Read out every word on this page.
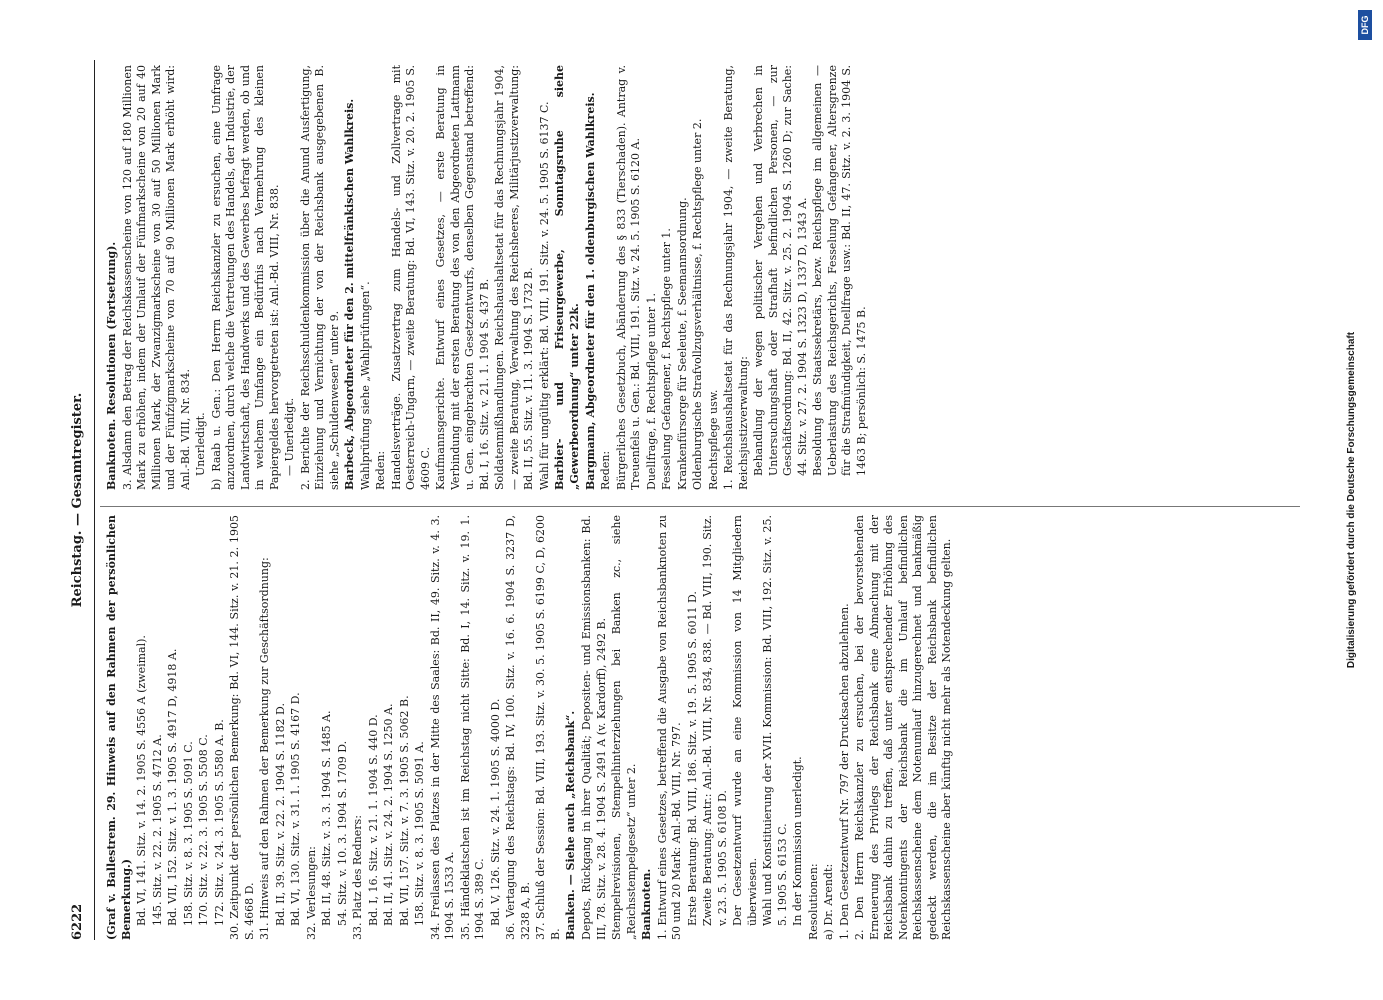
6222
Reichstag. — Gesamtregister.

(Graf v. Ballestrem. 29. Hinweis auf den Rahmen der persönlichen Bemerkung.) Bd. VI, 141. Sitz. v. 14. 2. 1905 S. 4556 A (zweimal). 145. Sitz. v. 22. 2. 1905 S. 4712 A. Bd. VII, 152. Sitz. v. 1. 3. 1905 S. 4917 D, 4918 A. 158. Sitz. v. 8. 3. 1905 S. 5091 C. 170. Sitz. v. 22. 3. 1905 S. 5508 C. 172. Sitz. v. 24. 3. 1905 S. 5580 A. B. 30. Zeitpunkt der persönlichen Bemerkung: Bd. VI, 144. Sitz. v. 21. 2. 1905 S. 4668 D. 31. Hinweis auf den Rahmen der Bemerkung zur Geschäftsordnung: Bd. II, 39. Sitz. v. 22. 2. 1904 S. 1182 D. Bd. VI, 130. Sitz. v. 31. 1. 1905 S. 4167 D. 32. Verlesungen: Bd. II, 48. Sitz. v. 3. 3. 1904 S. 1485 A. 54. Sitz. v. 10. 3. 1904 S. 1709 D. 33. Platz des Redners: Bd. I, 16. Sitz. v. 21. 1. 1904 S. 440 D. Bd. II, 41. Sitz. v. 24. 2. 1904 S. 1250 A. Bd. VII, 157. Sitz. v. 7. 3. 1905 S. 5062 B. 158. Sitz. v. 8. 3. 1905 S. 5091 A. 34. Freilassen des Platzes in der Mitte des Saales: Bd. II, 49. Sitz. v. 4. 3. 1904 S. 1533 A. 35. Händeklatschen ist im Reichstag nicht Sitte: Bd. I, 14. Sitz. v. 19. 1. 1904 S. 389 C. Bd. V, 126. Sitz. v. 24. 1. 1905 S. 4000 D. 36. Vertagung des Reichstags: Bd. IV, 100. Sitz. v. 16. 6. 1904 S. 3237 D, 3238 A, B. 37. Schluß der Session: Bd. VIII, 193. Sitz. v. 30. 5. 1905 S. 6199 C, D, 6200 B. Banken. — Siehe auch „Reichsbank“. Depots, Rückgang in ihrer Qualität; Depositen- und Emissionsbanken: Bd. III, 78. Sitz. v. 28. 4. 1904 S. 2491 A (v. Kardorff), 2492 B. Stempelrevisionen, Stempelhinterziehungen bei Banken zc., siehe „Reichsstempelgesetz“ unter 2. Banknoten. 1. Entwurf eines Gesetzes, betreffend die Ausgabe von Reichsbanknoten zu 50 und 20 Mark: Anl.-Bd. VIII, Nr. 797. Erste Beratung: Bd. VIII, 186. Sitz. v. 19. 5. 1905 S. 6011 D. Zweite Beratung: Antr.: Anl.-Bd. VIII, Nr. 834, 838. — Bd. VIII, 190. Sitz. v. 23. 5. 1905 S. 6108 D. Der Gesetzentwurf wurde an eine Kommission von 14 Mitgliedern überwiesen. Wahl und Konstituierung der XVII. Kommission: Bd. VIII, 192. Sitz. v. 25. 5. 1905 S. 6153 C. In der Kommission unerledigt. Resolutionen: a) Dr. Arendt: 1. Den Gesetzentwurf Nr. 797 der Drucksachen abzulehnen. 2. Den Herrn Reichskanzler zu ersuchen, bei der bevorstehenden Erneuerung des Privilegs der Reichsbank eine Abmachung mit der Reichsbank dahin zu treffen, daß unter entsprechender Erhöhung des Notenkontingents der Reichsbank die im Umlauf befindlichen Reichskassenscheine dem Notenumlauf hinzugerechnet und bankmäßig gedeckt werden, die im Besitze der Reichsbank befindlichen Reichskassenscheine aber künftig nicht mehr als Notendeckung gelten.

Banknoten. Resolutionen (Fortsetzung). 3. Alsdann den Betrag der Reichskassenscheine von 120 auf 180 Millionen Mark zu erhöhen, indem der Umlauf der Fünfmarkscheine von 20 auf 40 Millionen Mark, der Zwanzigmarkscheine von 30 auf 50 Millionen Mark und der Fünfzigmarkscheine von 70 auf 90 Millionen Mark erhöht wird: Anl.-Bd. VIII, Nr. 834. Unerledigt. b) Raab u. Gen.: Den Herrn Reichskanzler zu ersuchen, eine Umfrage anzuordnen, durch welche die Vertretungen des Handels, der Industrie, der Landwirtschaft, des Handwerks und des Gewerbes befragt werden, ob und in welchem Umfange ein Bedürfnis nach Vermehrung des kleinen Papiergeldes hervorgetreten ist: Anl.-Bd. VIII, Nr. 838. — Unerledigt. 2. Berichte der Reichsschuldenkommission über die Anund Ausfertigung, Einziehung und Vernichtung der von der Reichsbank ausgegebenen B. siehe „Schuldenwesen“ unter 9. Barbeck, Abgeordneter für den 2. mittelfränkischen Wahlkreis. Wahlprüfung siehe „Wahlprüfungen“. Reden: Handelsverträge. Zusatzvertrag zum Handels- und Zollvertrage mit Oesterreich-Ungarn, — zweite Beratung: Bd. VI, 143. Sitz. v. 20. 2. 1905 S. 4609 C. Kaufmannsgerichte. Entwurf eines Gesetzes, — erste Beratung in Verbindung mit der ersten Beratung des von den Abgeordneten Lattmann u. Gen. eingebrachten Gesetzentwurfs, denselben Gegenstand betreffend: Bd. I, 16. Sitz. v. 21. 1. 1904 S. 437 B. Soldatenmißhandlungen. Reichshaushaltsetat für das Rechnungsjahr 1904, — zweite Beratung, Verwaltung des Reichsheeres, Militärjustizverwaltung: Bd. II, 55. Sitz. v. 11. 3. 1904 S. 1732 B. Wahl für ungültig erklärt: Bd. VIII, 191. Sitz. v. 24. 5. 1905 S. 6137 C. Barbier- und Friseurgewerbe, Sonntagsruhe siehe „Gewerbeordnung“ unter 22k. Bargmann, Abgeordneter für den 1. oldenburgischen Wahlkreis. Reden: Bürgerliches Gesetzbuch, Abänderung des § 833 (Tierschaden). Antrag v. Treuenfels u. Gen.: Bd. VIII, 191. Sitz. v. 24. 5. 1905 S. 6120 A. Duellfrage, f. Rechtspflege unter 1. Fesselung Gefangener, f. Rechtspflege unter 1. Krankenfürsorge für Seeleute, f. Seemannsordnung. Oldenburgische Strafvollzugsverhältnisse, f. Rechtspflege unter 2. Rechtspflege usw. 1. Reichshaushaltsetat für das Rechnungsjahr 1904, — zweite Beratung, Reichsjustizverwaltung: Behandlung der wegen politischer Vergehen und Verbrechen in Untersuchungshaft oder Strafhaft befindlichen Personen, — zur Geschäftsordnung: Bd. II, 42. Sitz. v. 25. 2. 1904 S. 1260 D; zur Sache: 44. Sitz. v. 27. 2. 1904 S. 1323 D, 1337 D, 1343 A. Besoldung des Staatssekretärs, bezw. Reichspflege im allgemeinen — Ueberlastung des Reichsgerichts, Fesselung Gefangener, Altersgrenze für die Strafmündigkeit, Duellfrage usw.: Bd. II, 47. Sitz. v. 2. 3. 1904 S. 1463 B; persönlich: S. 1475 B.	Digitalisierung gefördert durch die Deutsche Forschungsgemeinschaft
DFG
